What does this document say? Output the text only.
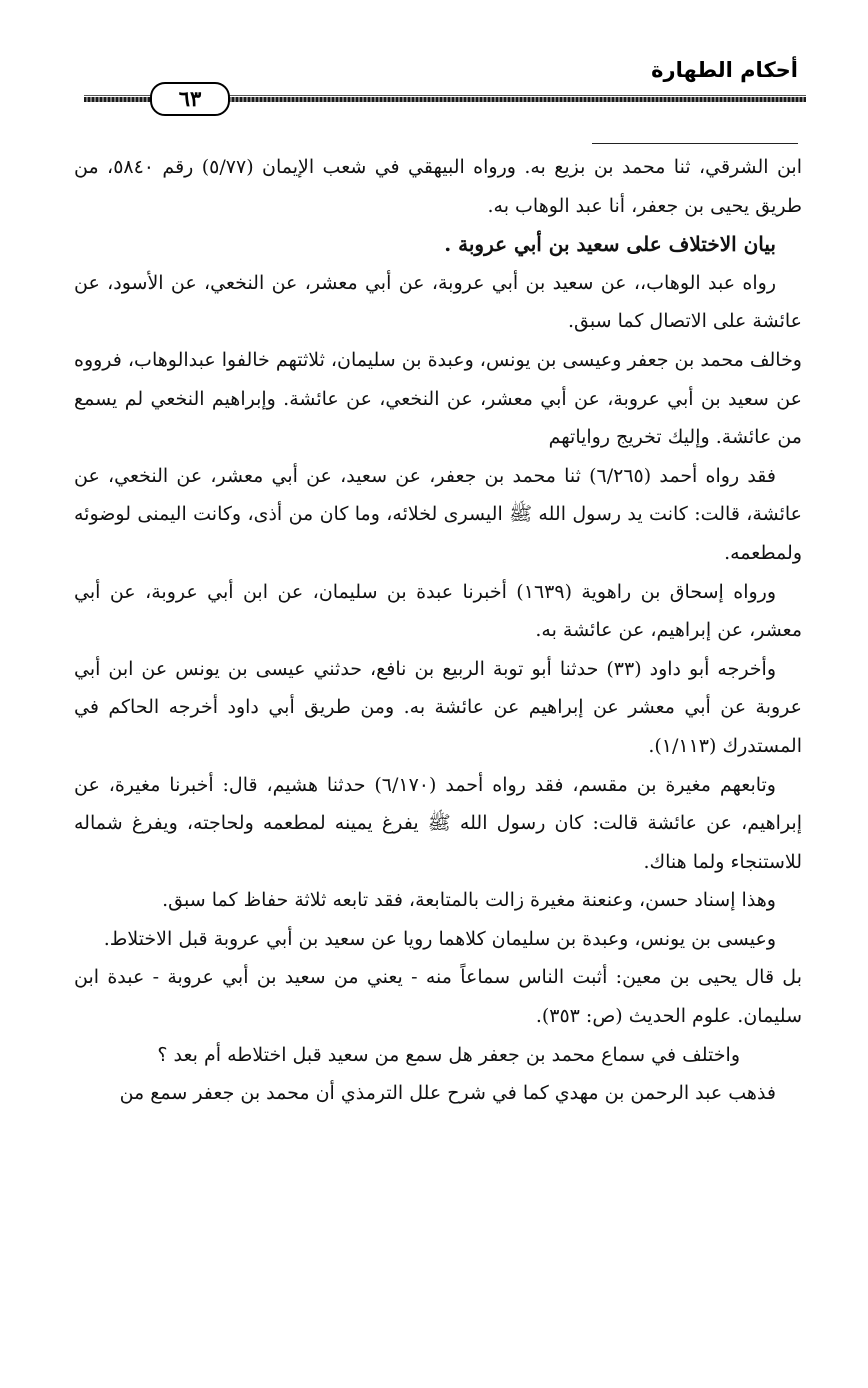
أحكام الطهارة
٦٣

ابن الشرقي، ثنا محمد بن بزيع به. ورواه البيهقي في شعب الإيمان (٥/٧٧) رقم ٥٨٤٠، من طريق يحيى بن جعفر، أنا عبد الوهاب به.

بيان الاختلاف على سعيد بن أبي عروبة .

رواه عبد الوهاب،، عن سعيد بن أبي عروبة، عن أبي معشر، عن النخعي، عن الأسود، عن عائشة على الاتصال كما سبق.

وخالف محمد بن جعفر وعيسى بن يونس، وعبدة بن سليمان، ثلاثتهم خالفوا عبدالوهاب، فرووه عن سعيد بن أبي عروبة، عن أبي معشر، عن النخعي، عن عائشة. وإبراهيم النخعي لم يسمع من عائشة. وإليك تخريج رواياتهم

فقد رواه أحمد (٦/٢٦٥) ثنا محمد بن جعفر، عن سعيد، عن أبي معشر، عن النخعي، عن عائشة، قالت: كانت يد رسول الله ﷺ اليسرى لخلائه، وما كان من أذى، وكانت اليمنى لوضوئه ولمطعمه.

ورواه إسحاق بن راهوية (١٦٣٩) أخبرنا عبدة بن سليمان، عن ابن أبي عروبة، عن أبي معشر، عن إبراهيم، عن عائشة به.

وأخرجه أبو داود (٣٣) حدثنا أبو توبة الربيع بن نافع، حدثني عيسى بن يونس عن ابن أبي عروبة عن أبي معشر عن إبراهيم عن عائشة به. ومن طريق أبي داود أخرجه الحاكم في المستدرك (١/١١٣).

وتابعهم مغيرة بن مقسم، فقد رواه أحمد (٦/١٧٠) حدثنا هشيم، قال: أخبرنا مغيرة، عن إبراهيم، عن عائشة قالت: كان رسول الله ﷺ يفرغ يمينه لمطعمه ولحاجته، ويفرغ شماله للاستنجاء ولما هناك.

وهذا إسناد حسن، وعنعنة مغيرة زالت بالمتابعة، فقد تابعه ثلاثة حفاظ كما سبق.

وعيسى بن يونس، وعبدة بن سليمان كلاهما رويا عن سعيد بن أبي عروبة قبل الاختلاط.

بل قال يحيى بن معين: أثبت الناس سماعاً منه - يعني من سعيد بن أبي عروبة - عبدة ابن سليمان. علوم الحديث (ص: ٣٥٣).

واختلف في سماع محمد بن جعفر هل سمع من سعيد قبل اختلاطه أم بعد ؟

فذهب عبد الرحمن بن مهدي كما في شرح علل الترمذي أن محمد بن جعفر سمع من
